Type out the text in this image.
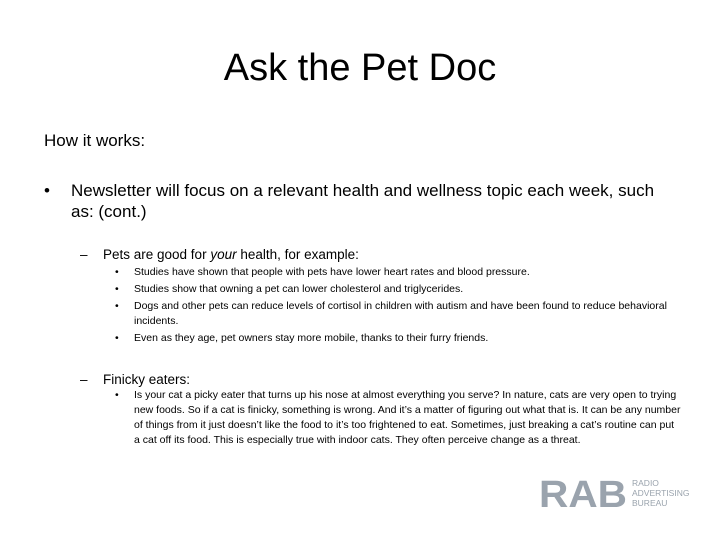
Ask the Pet Doc
How it works:
• Newsletter will focus on a relevant health and wellness topic each week, such as: (cont.)
– Pets are good for your health, for example:
• Studies have shown that people with pets have lower heart rates and blood pressure.
• Studies show that owning a pet can lower cholesterol and triglycerides.
• Dogs and other pets can reduce levels of cortisol in children with autism and have been found to reduce behavioral incidents.
• Even as they age, pet owners stay more mobile, thanks to their furry friends.
– Finicky eaters:
• Is your cat a picky eater that turns up his nose at almost everything you serve? In nature, cats are very open to trying new foods. So if a cat is finicky, something is wrong. And it’s a matter of figuring out what that is. It can be any number of things from it just doesn’t like the food to it’s too frightened to eat. Sometimes, just breaking a cat’s routine can put a cat off its food. This is especially true with indoor cats. They often perceive change as a threat.
RAB RADIO
ADVERTISING
BUREAU
